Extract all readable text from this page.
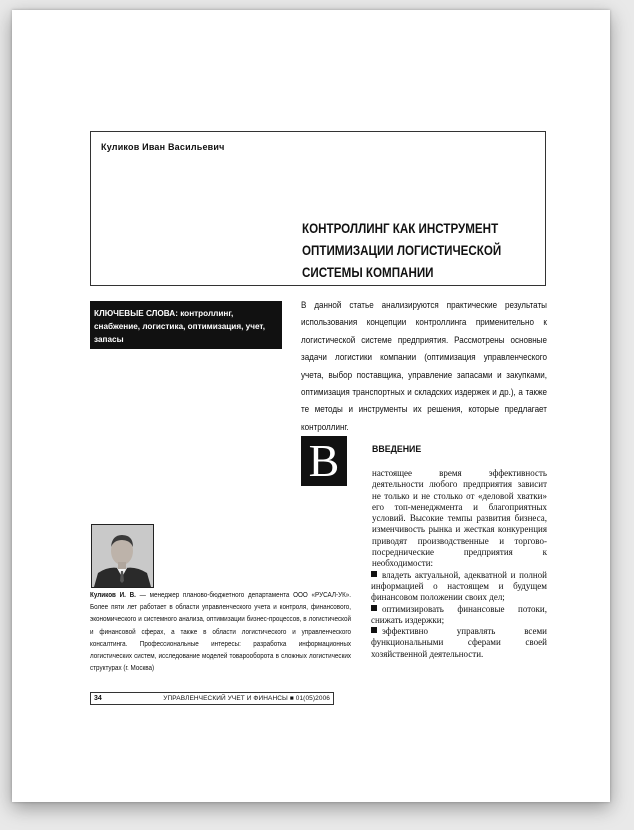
Куликов Иван Васильевич
КОНТРОЛЛИНГ КАК ИНСТРУМЕНТ
ОПТИМИЗАЦИИ ЛОГИСТИЧЕСКОЙ
СИСТЕМЫ КОМПАНИИ
КЛЮЧЕВЫЕ СЛОВА: контроллинг, снабжение, логистика, оптимизация, учет, запасы
В данной статье анализируются практические результаты использования концепции контроллинга применительно к логистической системе предприятия. Рассмотрены основные задачи логистики компании (оптимизация управленческого учета, выбор поставщика, управление запасами и закупками, оптимизация транспортных и складских издержек и др.), а также те методы и инструменты их решения, которые предлагает контроллинг.
В	ВВЕДЕНИЕ

настоящее время эффективность деятельности любого предприятия зависит не только и не столько от «деловой хватки» его топ-менеджмента и благоприятных условий. Высокие темпы развития бизнеса, изменчивость рынка и жесткая конкуренция приводят производственные и торгово-посреднические предприятия к необходимости:

владеть актуальной, адекватной и полной информацией о настоящем и будущем финансовом положении своих дел;

оптимизировать финансовые потоки, снижать издержки;

эффективно управлять всеми функциональными сферами своей хозяйственной деятельности.

Куликов И. В. — менеджер планово-бюджетного департамента ООО «РУСАЛ-УК». Более пяти лет работает в области управленческого учета и контроля, финансового, экономического и системного анализа, оптимизации бизнес-процессов, в логистической и финансовой сферах, а также в области логистического и управленческого консалтинга. Профессиональные интересы: разработка информационных логистических систем, исследование моделей товарооборота в сложных логистических структурах (г. Москва)
34	УПРАВЛЕНЧЕСКИЙ УЧЕТ И ФИНАНСЫ ■ 01(05)2006
